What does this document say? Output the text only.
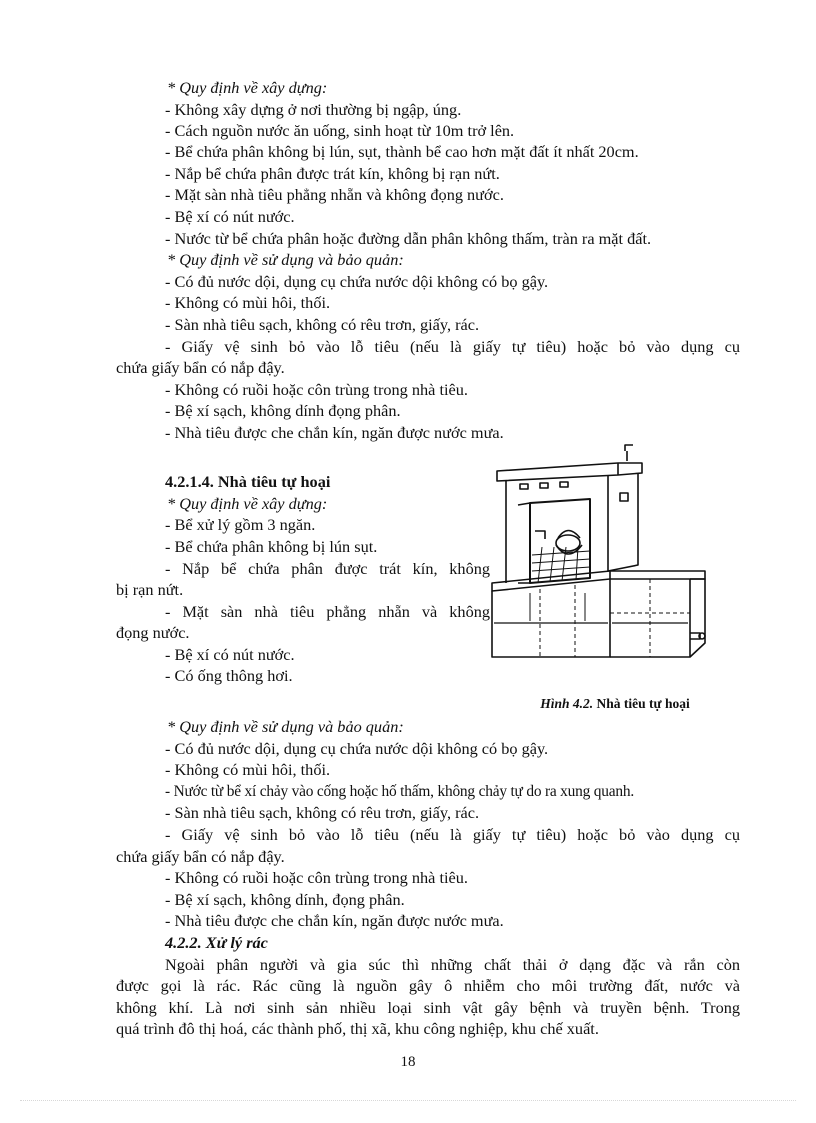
* Quy định về xây dựng:
- Không xây dựng ở nơi thường bị ngập, úng.
- Cách nguồn nước ăn uống, sinh hoạt từ 10m trở lên.
- Bể chứa phân không bị lún, sụt, thành bể cao hơn mặt đất ít nhất 20cm.
- Nắp bể chứa phân được trát kín, không bị rạn nứt.
- Mặt sàn nhà tiêu phẳng nhẵn và không đọng nước.
- Bệ xí có nút nước.
- Nước từ bể chứa phân hoặc đường dẫn phân không thấm, tràn ra mặt đất.
* Quy định về sử dụng và bảo quản:
- Có đủ nước dội, dụng cụ chứa nước dội không có bọ gậy.
- Không có mùi hôi, thối.
- Sàn nhà tiêu sạch, không có rêu trơn, giấy, rác.
- Giấy vệ sinh bỏ vào lỗ tiêu (nếu là giấy tự tiêu) hoặc bỏ vào dụng cụ
chứa giấy bẩn có nắp đậy.
- Không có ruồi hoặc côn trùng trong nhà tiêu.
- Bệ xí sạch, không dính đọng phân.
- Nhà tiêu được che chắn kín, ngăn được nước mưa.
4.2.1.4. Nhà tiêu tự hoại
* Quy định về xây dựng:
- Bể xử lý gồm 3 ngăn.
- Bể chứa phân không bị lún sụt.
- Nắp bể chứa phân được trát kín, không
bị rạn nứt.
- Mặt sàn nhà tiêu phẳng nhẵn và không
đọng nước.
- Bệ xí có nút nước.
- Có ống thông hơi.
Hình 4.2. Nhà tiêu tự hoại
* Quy định về sử dụng và bảo quản:
- Có đủ nước dội, dụng cụ chứa nước dội không có bọ gậy.
- Không có mùi hôi, thối.
- Nước từ bể xí chảy vào cống hoặc hố thấm, không chảy tự do ra xung quanh.
- Sàn nhà tiêu sạch, không có rêu trơn, giấy, rác.
- Giấy vệ sinh bỏ vào lỗ tiêu (nếu là giấy tự tiêu) hoặc bỏ vào dụng cụ
chứa giấy bẩn có nắp đậy.
- Không có ruồi hoặc côn trùng trong nhà tiêu.
- Bệ xí sạch, không dính, đọng phân.
- Nhà tiêu được che chắn kín, ngăn được nước mưa.
4.2.2. Xử lý rác
Ngoài phân người và gia súc thì những chất thải ở dạng đặc và rắn còn
được gọi là rác. Rác cũng là nguồn gây ô nhiễm cho môi trường đất, nước và
không khí. Là nơi sinh sản nhiều loại sinh vật gây bệnh và truyền bệnh. Trong
quá trình đô thị hoá, các thành phố, thị xã, khu công nghiệp, khu chế xuất.
18
